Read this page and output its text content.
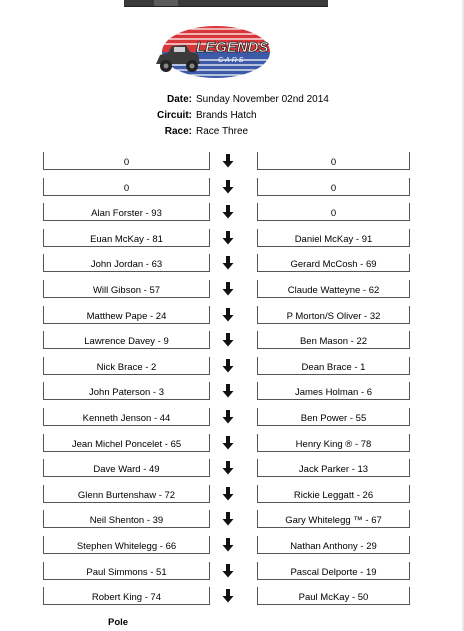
LEGENDS
CARS
Date: Sunday November 02nd 2014
Circuit: Brands Hatch
Race: Race Three
0	0
0	0
Alan Forster - 93	0
Euan McKay - 81	Daniel McKay - 91
John Jordan - 63	Gerard McCosh - 69
Will Gibson - 57	Claude Watteyne - 62
Matthew Pape - 24	P Morton/S Oliver - 32
Lawrence Davey - 9	Ben Mason - 22
Nick Brace - 2	Dean Brace - 1
John Paterson - 3	James Holman - 6
Kenneth Jenson - 44	Ben Power - 55
Jean Michel Poncelet - 65	Henry King ® - 78
Dave Ward - 49	Jack Parker - 13
Glenn Burtenshaw - 72	Rickie Leggatt - 26
Neil Shenton - 39	Gary Whitelegg ™ - 67
Stephen Whitelegg - 66	Nathan Anthony - 29
Paul Simmons - 51	Pascal Delporte - 19
Robert King - 74	Paul McKay - 50
Pole
